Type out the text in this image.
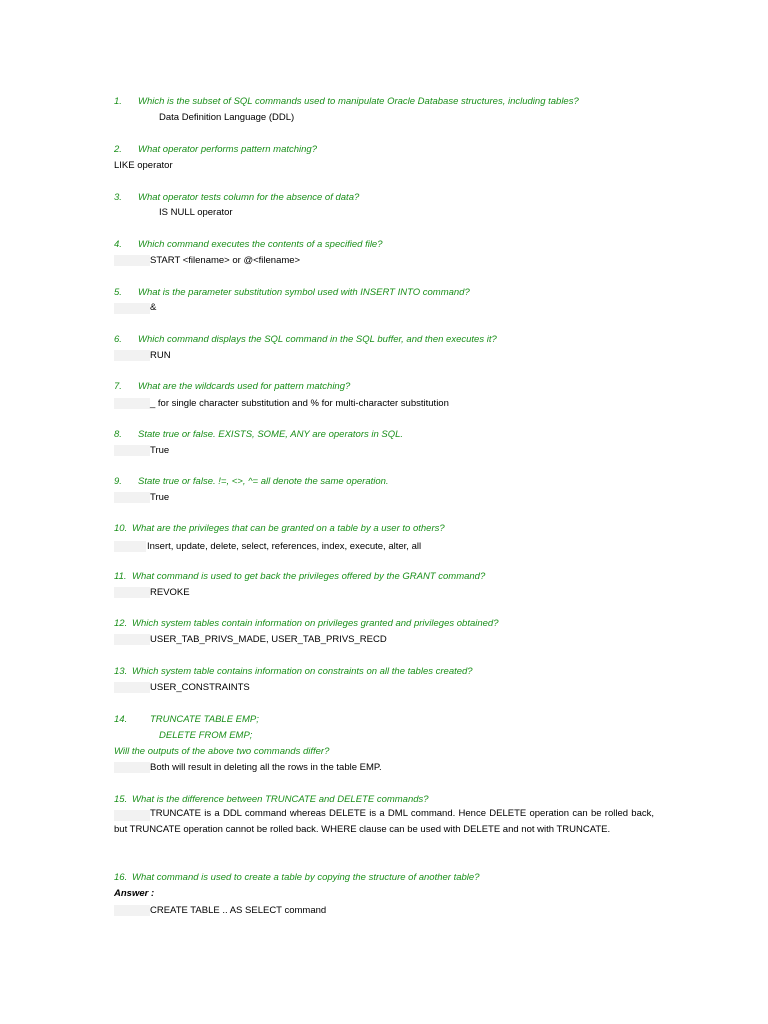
1. Which is the subset of SQL commands used to manipulate Oracle Database structures, including tables?
Data Definition Language (DDL)
2. What operator performs pattern matching?
LIKE operator
3. What operator tests column for the absence of data?
IS NULL operator
4. Which command executes the contents of a specified file?
START <filename> or @<filename>
5. What is the parameter substitution symbol used with INSERT INTO command?
&
6. Which command displays the SQL command in the SQL buffer, and then executes it?
RUN
7. What are the wildcards used for pattern matching?
_ for single character substitution and % for multi-character substitution
8. State true or false. EXISTS, SOME, ANY are operators in SQL.
True
9. State true or false. !=, <>, ^= all denote the same operation.
True
10. What are the privileges that can be granted on a table by a user to others?
Insert, update, delete, select, references, index, execute, alter, all
11. What command is used to get back the privileges offered by the GRANT command?
REVOKE
12. Which system tables contain information on privileges granted and privileges obtained?
USER_TAB_PRIVS_MADE, USER_TAB_PRIVS_RECD
13. Which system table contains information on constraints on all the tables created?
USER_CONSTRAINTS
14. TRUNCATE TABLE EMP;
DELETE FROM EMP;
Will the outputs of the above two commands differ?
Both will result in deleting all the rows in the table EMP.
15. What is the difference between TRUNCATE and DELETE commands?
TRUNCATE is a DDL command whereas DELETE is a DML command. Hence DELETE operation can be rolled back, but TRUNCATE operation cannot be rolled back. WHERE clause can be used with DELETE and not with TRUNCATE.
16. What command is used to create a table by copying the structure of another table?
Answer :
CREATE TABLE .. AS SELECT command
